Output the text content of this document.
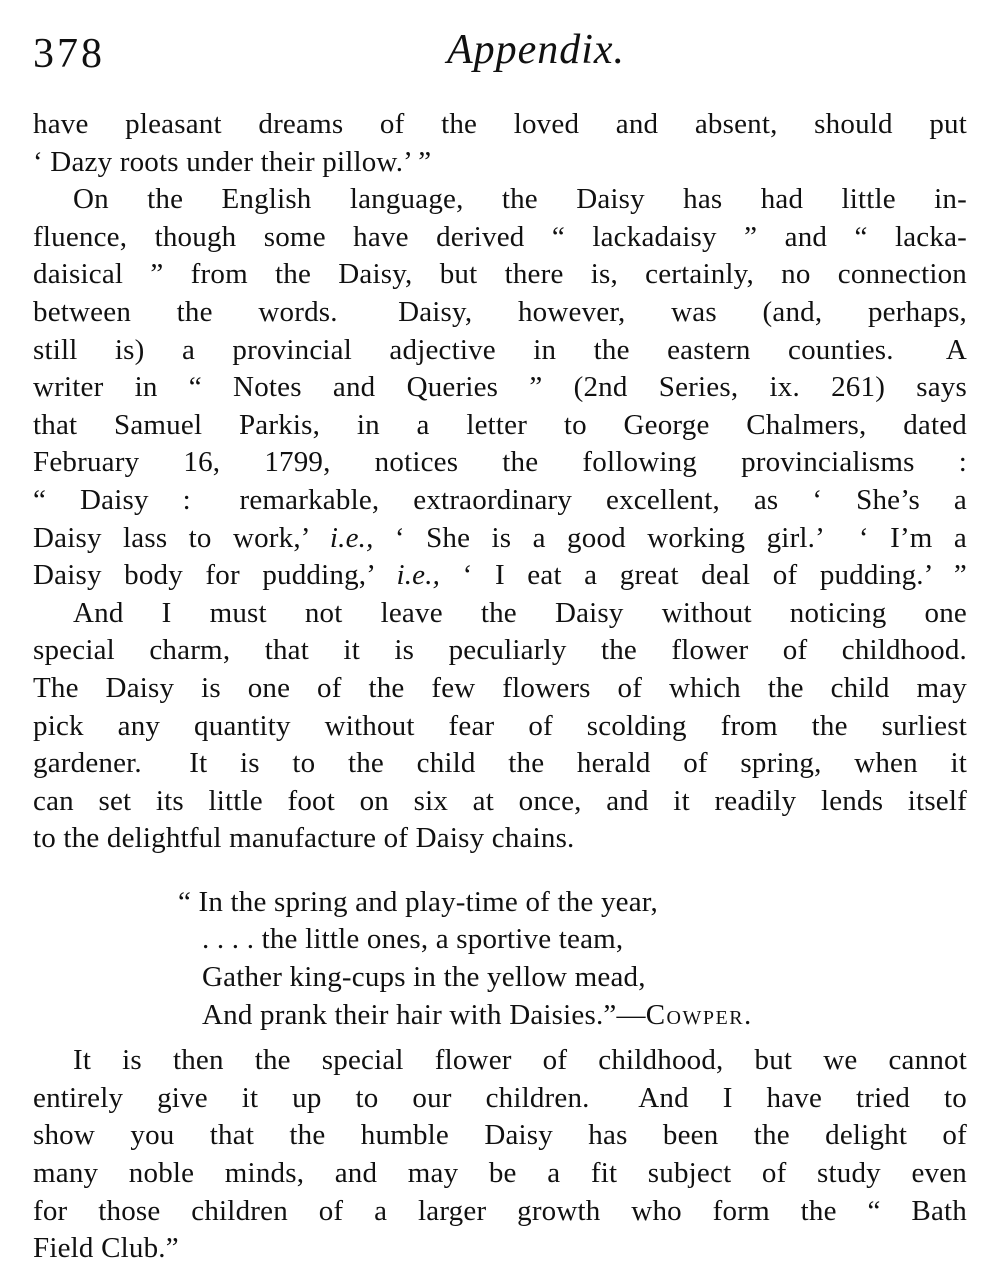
378	Appendix.
have pleasant dreams of the loved and absent, should put
‘ Dazy roots under their pillow.’ ”
On the English language, the Daisy has had little in-
fluence, though some have derived “ lackadaisy ” and “ lacka-
daisical ” from the Daisy, but there is, certainly, no connection
between the words.  Daisy, however, was (and, perhaps,
still is) a provincial adjective in the eastern counties.  A
writer in “ Notes and Queries ” (2nd Series, ix. 261) says
that Samuel Parkis, in a letter to George Chalmers, dated
February 16, 1799, notices the following provincialisms :
“ Daisy :  remarkable, extraordinary excellent, as ‘ She’s a
Daisy lass to work,’ i.e., ‘ She is a good working girl.’  ‘ I’m a
Daisy body for pudding,’ i.e., ‘ I eat a great deal of pudding.’ ”
And I must not leave the Daisy without noticing one
special charm, that it is peculiarly the flower of childhood.
The Daisy is one of the few flowers of which the child may
pick any quantity without fear of scolding from the surliest
gardener.  It is to the child the herald of spring, when it
can set its little foot on six at once, and it readily lends itself
to the delightful manufacture of Daisy chains.
“ In the spring and play-time of the year,
. . . . the little ones, a sportive team,
Gather king-cups in the yellow mead,
And prank their hair with Daisies.”—Cowper.
It is then the special flower of childhood, but we cannot
entirely give it up to our children.  And I have tried to
show you that the humble Daisy has been the delight of
many noble minds, and may be a fit subject of study even
for those children of a larger growth who form the “ Bath
Field Club.”
